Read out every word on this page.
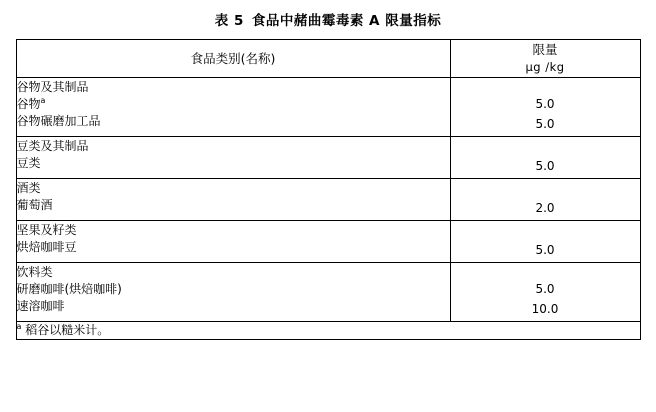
表 5 食品中赭曲霉毒素 A 限量指标
食品类别(名称)	限量
μg /kg

谷物及其制品	
谷物$^a$	5.0
谷物碾磨加工品	5.0
豆类及其制品	
豆类	5.0
酒类	
葡萄酒	2.0
坚果及籽类	
烘焙咖啡豆	5.0
饮料类	
研磨咖啡(烘焙咖啡)	5.0
速溶咖啡	10.0
$^a$ 稻谷以糙米计。	
